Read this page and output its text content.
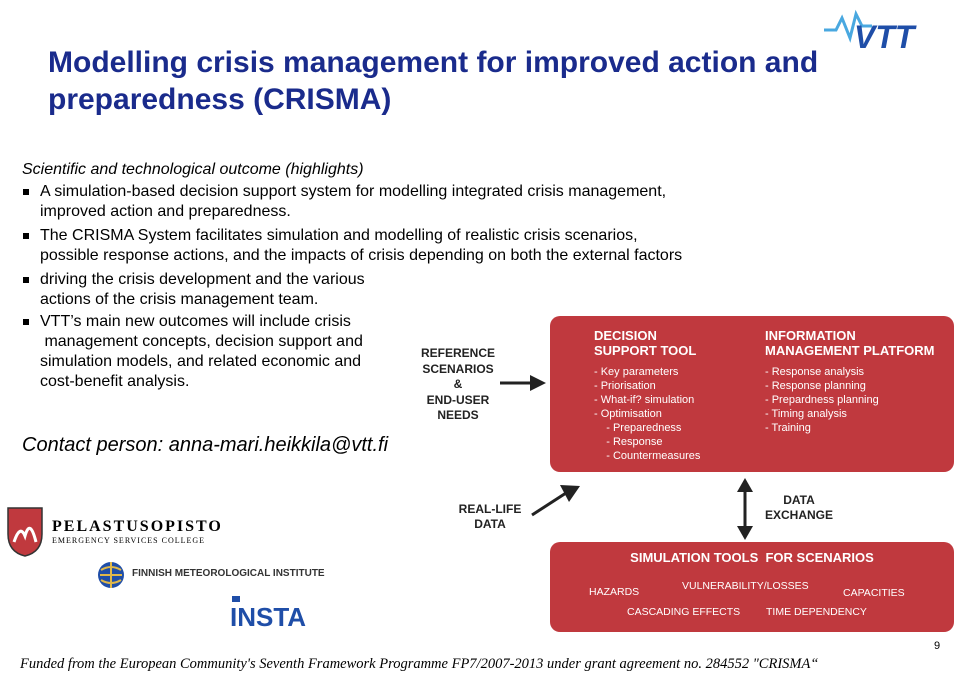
VTT
Modelling crisis management for improved action and
preparedness (CRISMA)
Scientific and technological outcome (highlights)
A simulation-based decision support system for modelling integrated crisis management,
improved action and preparedness.
The CRISMA System facilitates simulation and modelling of realistic crisis scenarios,
possible response actions, and the impacts of crisis depending on both the external factors
driving the crisis development and the various
actions of the crisis management team.
VTT’s main new outcomes will include crisis
management concepts, decision support and
simulation models, and related economic and
cost-benefit analysis.
Contact person: anna-mari.heikkila@vtt.fi
REFERENCE
SCENARIOS
&
END-USER
NEEDS
DECISION
SUPPORT TOOL
- Key parameters
- Priorisation
- What-if? simulation
- Optimisation
- Preparedness
- Response
- Countermeasures
INFORMATION
MANAGEMENT PLATFORM
- Response analysis
- Response planning
- Prepardness planning
- Timing analysis
- Training
REAL-LIFE
DATA
DATA
EXCHANGE
SIMULATION TOOLS  FOR SCENARIOS
HAZARDS	VULNERABILITY/LOSSES
CAPACITIES
CASCADING EFFECTS TIME DEPENDENCY
PELASTUSOPISTO
EMERGENCY SERVICES COLLEGE
FINNISH METEOROLOGICAL INSTITUTE
INSTA
Funded from the European Community's Seventh Framework Programme FP7/2007-2013 under grant agreement no. 284552 "CRISMA“
9
